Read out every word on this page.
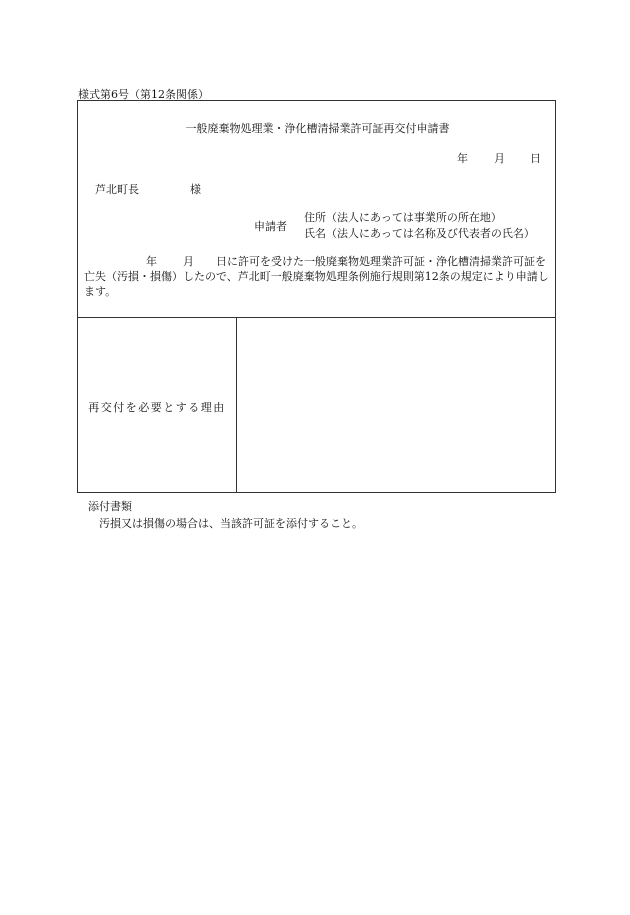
様式第6号（第12条関係）
一般廃棄物処理業・浄化槽清掃業許可証再交付申請書
年 月 日
芦北町長	様
申請者
住所（法人にあっては事業所の所在地）
氏名（法人にあっては名称及び代表者の氏名）
年 月 日に許可を受けた一般廃棄物処理業許可証・浄化槽清掃業許可証を亡失（汚損・損傷）したので、芦北町一般廃棄物処理条例施行規則第12条の規定により申請します。
再交付を必要とする理由
添付書類
汚損又は損傷の場合は、当該許可証を添付すること。
